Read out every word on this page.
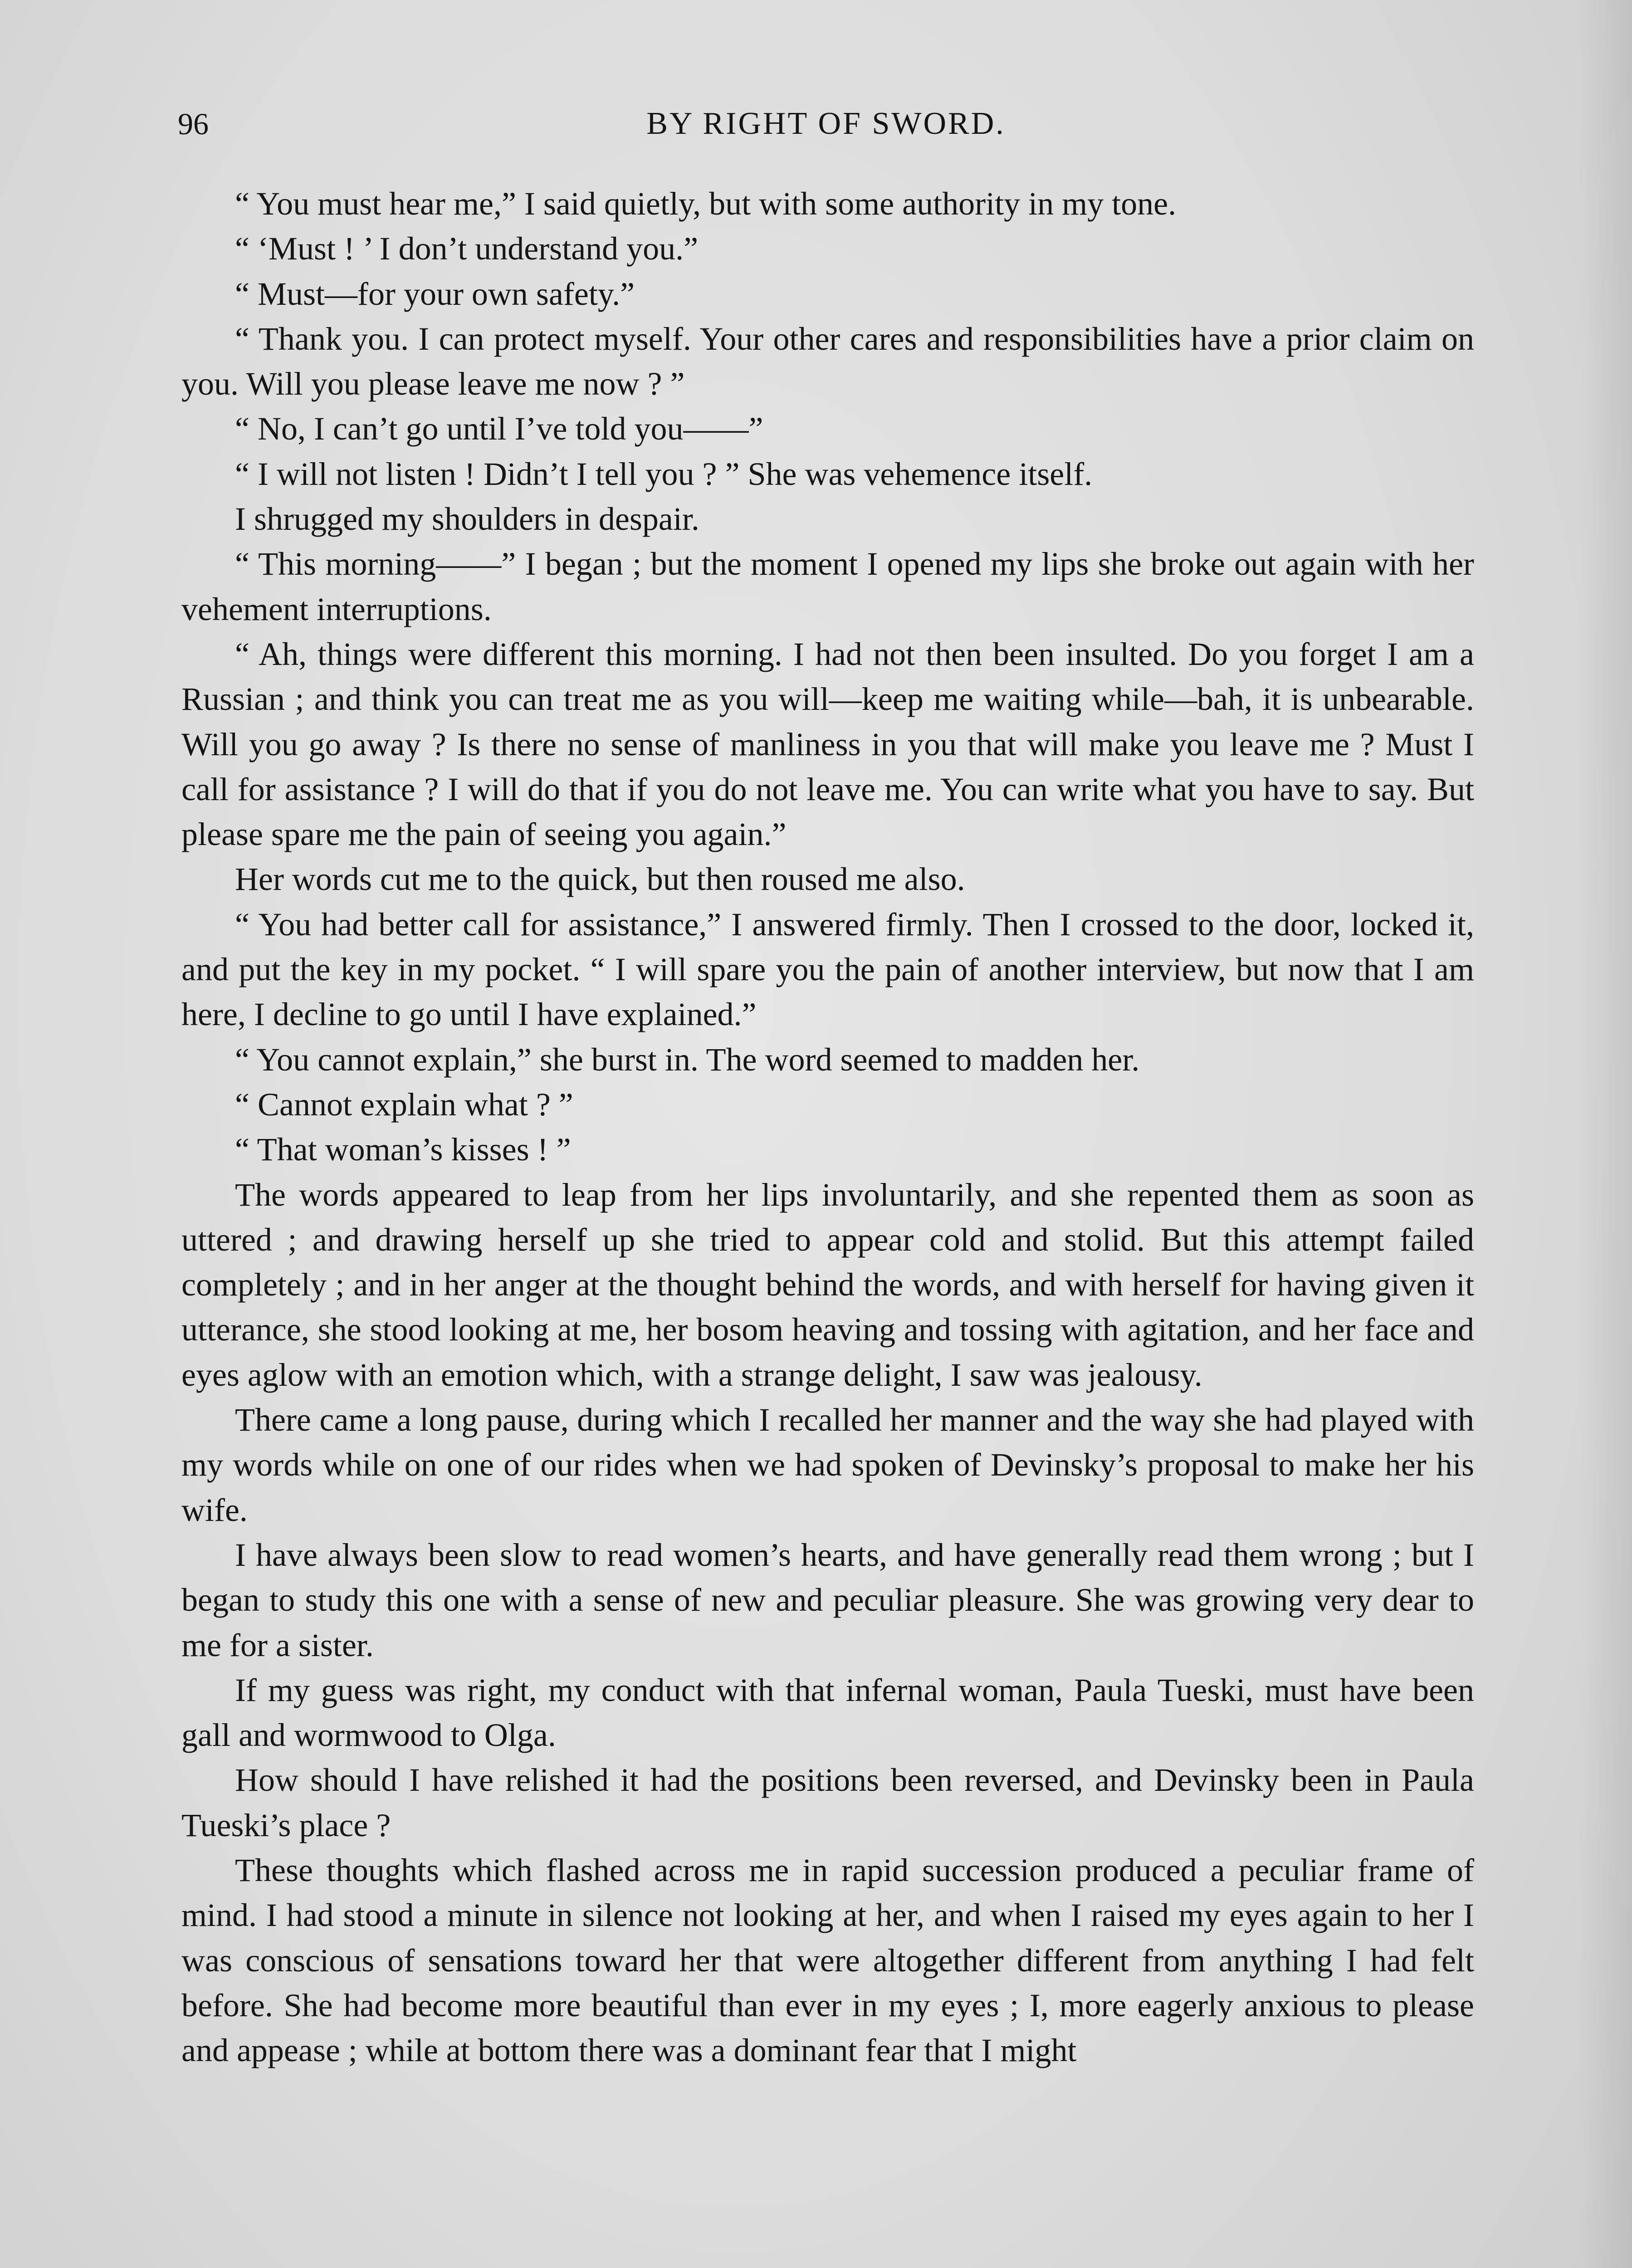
96	BY RIGHT OF SWORD.

“ You must hear me,” I said quietly, but with some authority in my tone.

“ ‘Must ! ’ I don’t understand you.”

“ Must—for your own safety.”

“ Thank you. I can protect myself. Your other cares and responsibilities have a prior claim on you. Will you please leave me now ? ”

“ No, I can’t go until I’ve told you——”

“ I will not listen ! Didn’t I tell you ? ” She was vehemence itself.

I shrugged my shoulders in despair.

“ This morning——” I began ; but the moment I opened my lips she broke out again with her vehement interruptions.

“ Ah, things were different this morning. I had not then been insulted. Do you forget I am a Russian ; and think you can treat me as you will—keep me waiting while—bah, it is unbearable. Will you go away ? Is there no sense of manliness in you that will make you leave me ? Must I call for assistance ? I will do that if you do not leave me. You can write what you have to say. But please spare me the pain of seeing you again.”

Her words cut me to the quick, but then roused me also.

“ You had better call for assistance,” I answered firmly. Then I crossed to the door, locked it, and put the key in my pocket. “ I will spare you the pain of another interview, but now that I am here, I decline to go until I have explained.”

“ You cannot explain,” she burst in. The word seemed to madden her.

“ Cannot explain what ? ”

“ That woman’s kisses ! ”

The words appeared to leap from her lips involuntarily, and she repented them as soon as uttered ; and drawing herself up she tried to appear cold and stolid. But this attempt failed completely ; and in her anger at the thought behind the words, and with herself for having given it utterance, she stood looking at me, her bosom heaving and tossing with agitation, and her face and eyes aglow with an emotion which, with a strange delight, I saw was jealousy.

There came a long pause, during which I recalled her manner and the way she had played with my words while on one of our rides when we had spoken of Devinsky’s proposal to make her his wife.

I have always been slow to read women’s hearts, and have generally read them wrong ; but I began to study this one with a sense of new and peculiar pleasure. She was growing very dear to me for a sister.

If my guess was right, my conduct with that infernal woman, Paula Tueski, must have been gall and wormwood to Olga.

How should I have relished it had the positions been reversed, and Devinsky been in Paula Tueski’s place ?

These thoughts which flashed across me in rapid succession produced a peculiar frame of mind. I had stood a minute in silence not looking at her, and when I raised my eyes again to her I was conscious of sensations toward her that were altogether different from anything I had felt before. She had become more beautiful than ever in my eyes ; I, more eagerly anxious to please and appease ; while at bottom there was a dominant fear that I might
